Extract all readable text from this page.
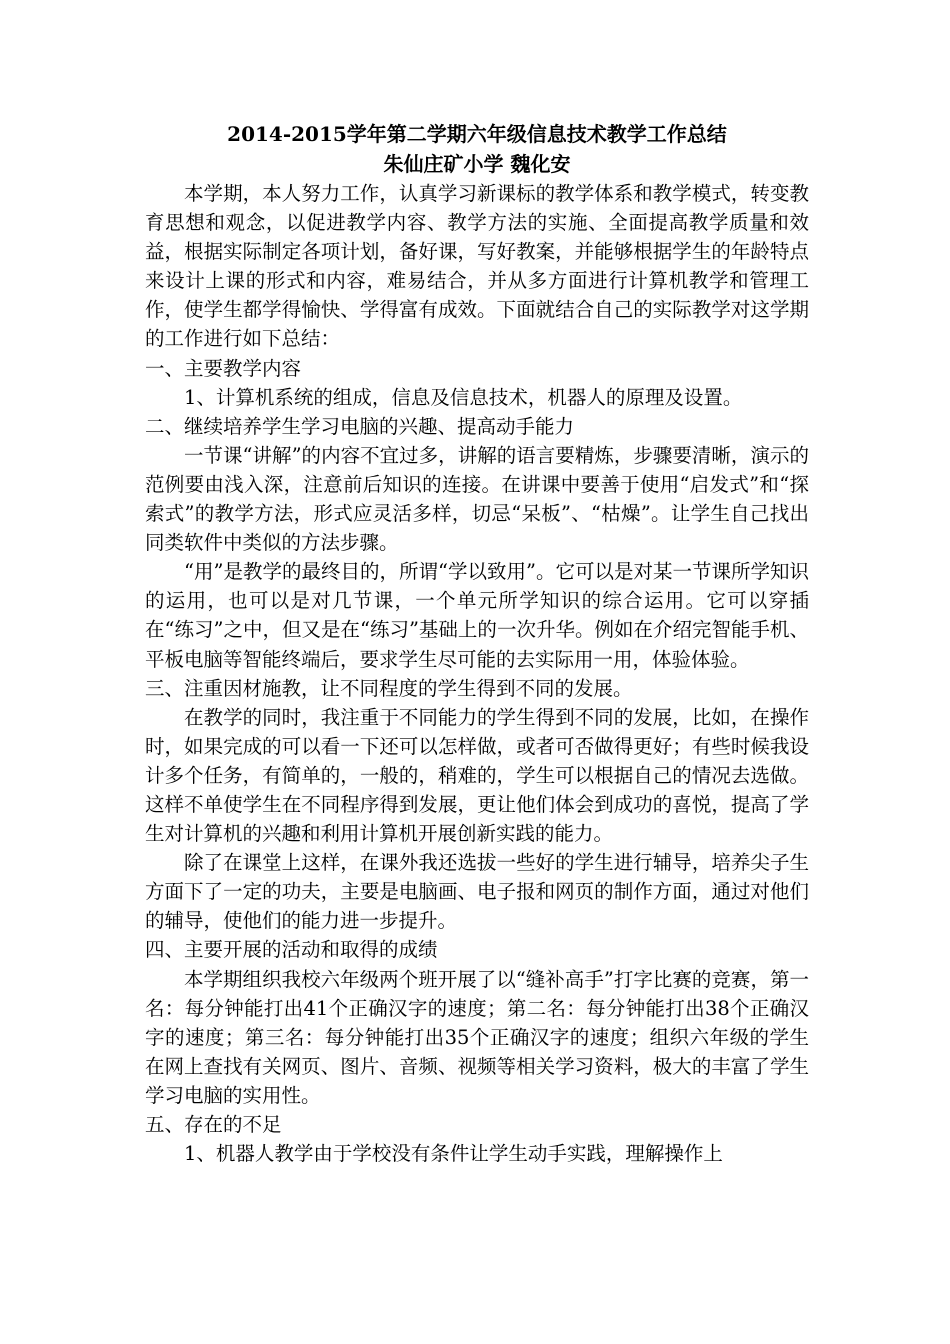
2014-2015学年第二学期六年级信息技术教学工作总结

朱仙庄矿小学 魏化安

本学期，本人努力工作，认真学习新课标的教学体系和教学模式，转变教育思想和观念，以促进教学内容、教学方法的实施、全面提高教学质量和效益，根据实际制定各项计划，备好课，写好教案，并能够根据学生的年龄特点来设计上课的形式和内容，难易结合，并从多方面进行计算机教学和管理工作，使学生都学得愉快、学得富有成效。下面就结合自己的实际教学对这学期的工作进行如下总结：

一、主要教学内容

1、计算机系统的组成，信息及信息技术，机器人的原理及设置。

二、继续培养学生学习电脑的兴趣、提高动手能力

一节课“讲解”的内容不宜过多，讲解的语言要精炼，步骤要清晰，演示的范例要由浅入深，注意前后知识的连接。在讲课中要善于使用“启发式”和“探索式”的教学方法，形式应灵活多样，切忌“呆板”、“枯燥”。让学生自己找出同类软件中类似的方法步骤。

“用”是教学的最终目的，所谓“学以致用”。它可以是对某一节课所学知识的运用，也可以是对几节课，一个单元所学知识的综合运用。它可以穿插在“练习”之中，但又是在“练习”基础上的一次升华。例如在介绍完智能手机、平板电脑等智能终端后，要求学生尽可能的去实际用一用，体验体验。

三、注重因材施教，让不同程度的学生得到不同的发展。

在教学的同时，我注重于不同能力的学生得到不同的发展，比如，在操作时，如果完成的可以看一下还可以怎样做，或者可否做得更好；有些时候我设计多个任务，有简单的，一般的，稍难的，学生可以根据自己的情况去选做。这样不单使学生在不同程序得到发展，更让他们体会到成功的喜悦，提高了学生对计算机的兴趣和利用计算机开展创新实践的能力。

除了在课堂上这样，在课外我还选拔一些好的学生进行辅导，培养尖子生方面下了一定的功夫，主要是电脑画、电子报和网页的制作方面，通过对他们的辅导，使他们的能力进一步提升。

四、主要开展的活动和取得的成绩

本学期组织我校六年级两个班开展了以“缝补高手”打字比赛的竞赛，第一名：每分钟能打出41个正确汉字的速度；第二名：每分钟能打出38个正确汉字的速度；第三名：每分钟能打出35个正确汉字的速度；组织六年级的学生在网上查找有关网页、图片、音频、视频等相关学习资料，极大的丰富了学生学习电脑的实用性。

五、存在的不足

1、机器人教学由于学校没有条件让学生动手实践，理解操作上
